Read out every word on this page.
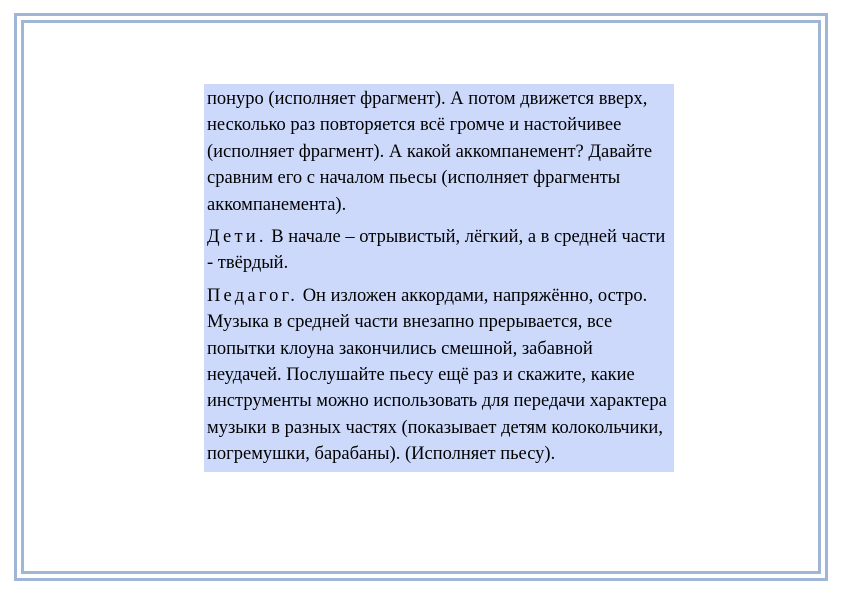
понуро (исполняет фрагмент). А потом движется вверх, несколько раз повторяется всё громче и настойчивее (исполняет фрагмент). А какой аккомпанемент? Давайте сравним его с началом пьесы (исполняет фрагменты аккомпанемента).

Дети. В начале – отрывистый, лёгкий, а в средней части - твёрдый.

Педагог. Он изложен аккордами, напряжённо, остро. Музыка в средней части внезапно прерывается, все попытки клоуна закончились смешной, забавной неудачей. Послушайте пьесу ещё раз и скажите, какие инструменты можно использовать для передачи характера музыки в разных частях (показывает детям колокольчики, погремушки, барабаны). (Исполняет пьесу).
